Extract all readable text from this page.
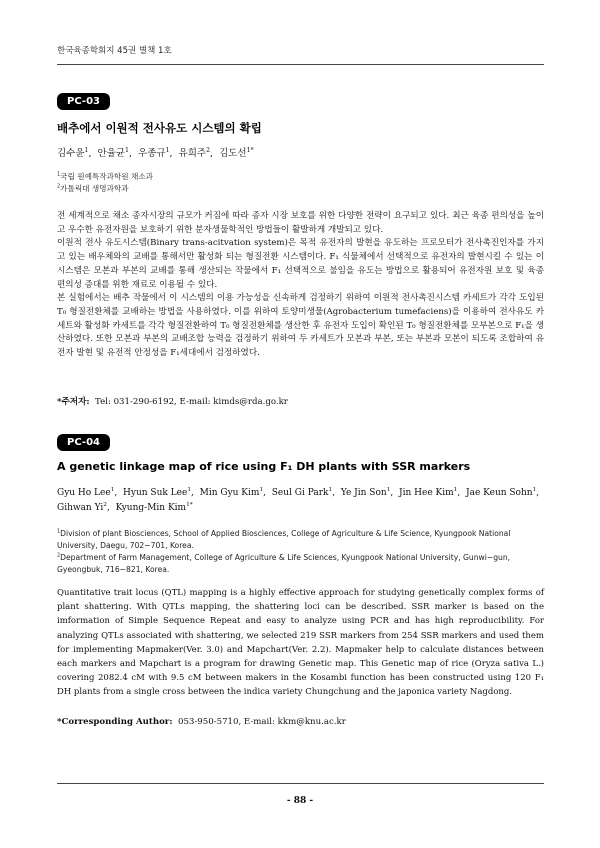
한국육종학회지 45권 별책 1호
PC-03
배추에서 이원적 전사유도 시스템의 확립
김수윤$^1$,  안율균$^1$,  우종규$^1$,  유희주$^2$,  김도선$^{1*}$
$^1$국립 원예특작과학원 채소과
$^2$가톨릭대 생명과학과

전 세계적으로 채소 종자시장의 규모가 커짐에 따라 종자 시장 보호를 위한 다양한 전략이 요구되고 있다. 최근 육종 편의성을 높이고 우수한 유전자원을 보호하기 위한 분자생물학적인 방법들이 활발하게 개발되고 있다.

이원적 전사 유도시스템(Binary trans-acitvation system)은 목적 유전자의 발현을 유도하는 프로모터가 전사촉진인자를 가지고 있는 배우체와의 교배를 통해서만 활성화 되는 형질전환 시스템이다. F₁ 식물체에서 선택적으로 유전자의 발현시킬 수 있는 이 시스템은 모본과 부본의 교배를 통해 생산되는 작물에서 F₁ 선택적으로 불임을 유도는 방법으로 활용되어 유전자원 보호 및 육종 편의성 증대를 위한 재료로 이용될 수 있다.

본 실험에서는 배추 작물에서 이 시스템의 이용 가능성을 신속하게 검정하기 위하여 이원적 전사촉진시스템 카세트가 각각 도입된 T₀ 형질전환체를 교배하는 방법을 사용하였다. 이를 위하여 토양미생물(Agrobacterium tumefaciens)을 이용하여 전사유도 카세트와 활성화 카세트를 각각 형질전환하여 T₀ 형질전환체를 생산한 후 유전자 도입이 확인된 T₀ 형질전환체를 모부본으로 F₁을 생산하였다. 또한 모본과 부본의 교배조합 능력을 검정하기 위하여 두 카세트가 모본과 부본, 또는 부본과 모본이 되도록 조합하여 유전자 발현 및 유전적 안정성을 F₁세대에서 검정하였다.

*주저자: Tel: 031-290-6192, E-mail: kimds@rda.go.kr
PC-04
A genetic linkage map of rice using F₁ DH plants with SSR markers
Gyu Ho Lee$^1$,  Hyun Suk Lee$^1$,  Min Gyu Kim$^1$,  Seul Gi Park$^1$,  Ye Jin Son$^1$,  Jin Hee Kim$^1$,  Jae Keun Sohn$^1$,  Gihwan Yi$^2$,  Kyung-Min Kim$^{1*}$
$^1$Division of plant Biosciences, School of Applied Biosciences, College of Agriculture & Life Science, Kyungpook National University, Daegu, 702−701, Korea.
$^2$Department of Farm Management, College of Agriculture & Life Sciences, Kyungpook National University, Gunwi−gun, Gyeongbuk, 716−821, Korea.

Quantitative trait locus (QTL) mapping is a highly effective approach for studying genetically complex forms of plant shattering. With QTLs mapping, the shattering loci can be described. SSR marker is based on the imformation of Simple Sequence Repeat and easy to analyze using PCR and has high reproducibility. For analyzing QTLs associated with shattering, we selected 219 SSR markers from 254 SSR markers and used them for implementing Mapmaker(Ver. 3.0) and Mapchart(Ver. 2.2). Mapmaker help to calculate distances between each markers and Mapchart is a program for drawing Genetic map. This Genetic map of rice (Oryza sativa L.) covering 2082.4 cM with 9.5 cM between makers in the Kosambi function has been constructed using 120 F₁ DH plants from a single cross between the indica variety Chungchung and the japonica variety Nagdong.

*Corresponding Author: 053-950-5710, E-mail: kkm@knu.ac.kr
- 88 -
